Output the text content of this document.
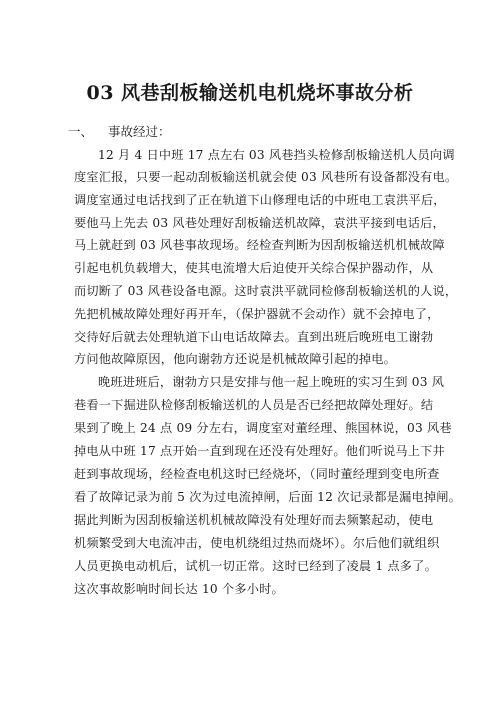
03 风巷刮板输送机电机烧坏事故分析
一、 事故经过：
12 月 4 日中班 17 点左右 03 风巷挡头检修刮板输送机人员向调
度室汇报，只要一起动刮板输送机就会使 03 风巷所有设备都没有电。
调度室通过电话找到了正在轨道下山修理电话的中班电工袁洪平后，
要他马上先去 03 风巷处理好刮板输送机故障，袁洪平接到电话后，
马上就赶到 03 风巷事故现场。经检查判断为因刮板输送机机械故障
引起电机负载增大，使其电流增大后迫使开关综合保护器动作，从
而切断了 03 风巷设备电源。这时袁洪平就同检修刮板输送机的人说，
先把机械故障处理好再开车，（保护器就不会动作）就不会掉电了，
交待好后就去处理轨道下山电话故障去。直到出班后晚班电工谢勃
方问他故障原因，他向谢勃方还说是机械故障引起的掉电。
晚班进班后，谢勃方只是安排与他一起上晚班的实习生到 03 风
巷看一下掘进队检修刮板输送机的人员是否已经把故障处理好。结
果到了晚上 24 点 09 分左右，调度室对董经理、熊国林说，03 风巷
掉电从中班 17 点开始一直到现在还没有处理好。他们听说马上下井
赶到事故现场，经检查电机这时已经烧坏，（同时董经理到变电所查
看了故障记录为前 5 次为过电流掉闸，后面 12 次记录都是漏电掉闸。
据此判断为因刮板输送机机械故障没有处理好而去频繁起动，使电
机频繁受到大电流冲击，使电机绕组过热而烧坏）。尔后他们就组织
人员更换电动机后，试机一切正常。这时已经到了凌晨 1 点多了。
这次事故影响时间长达 10 个多小时。
